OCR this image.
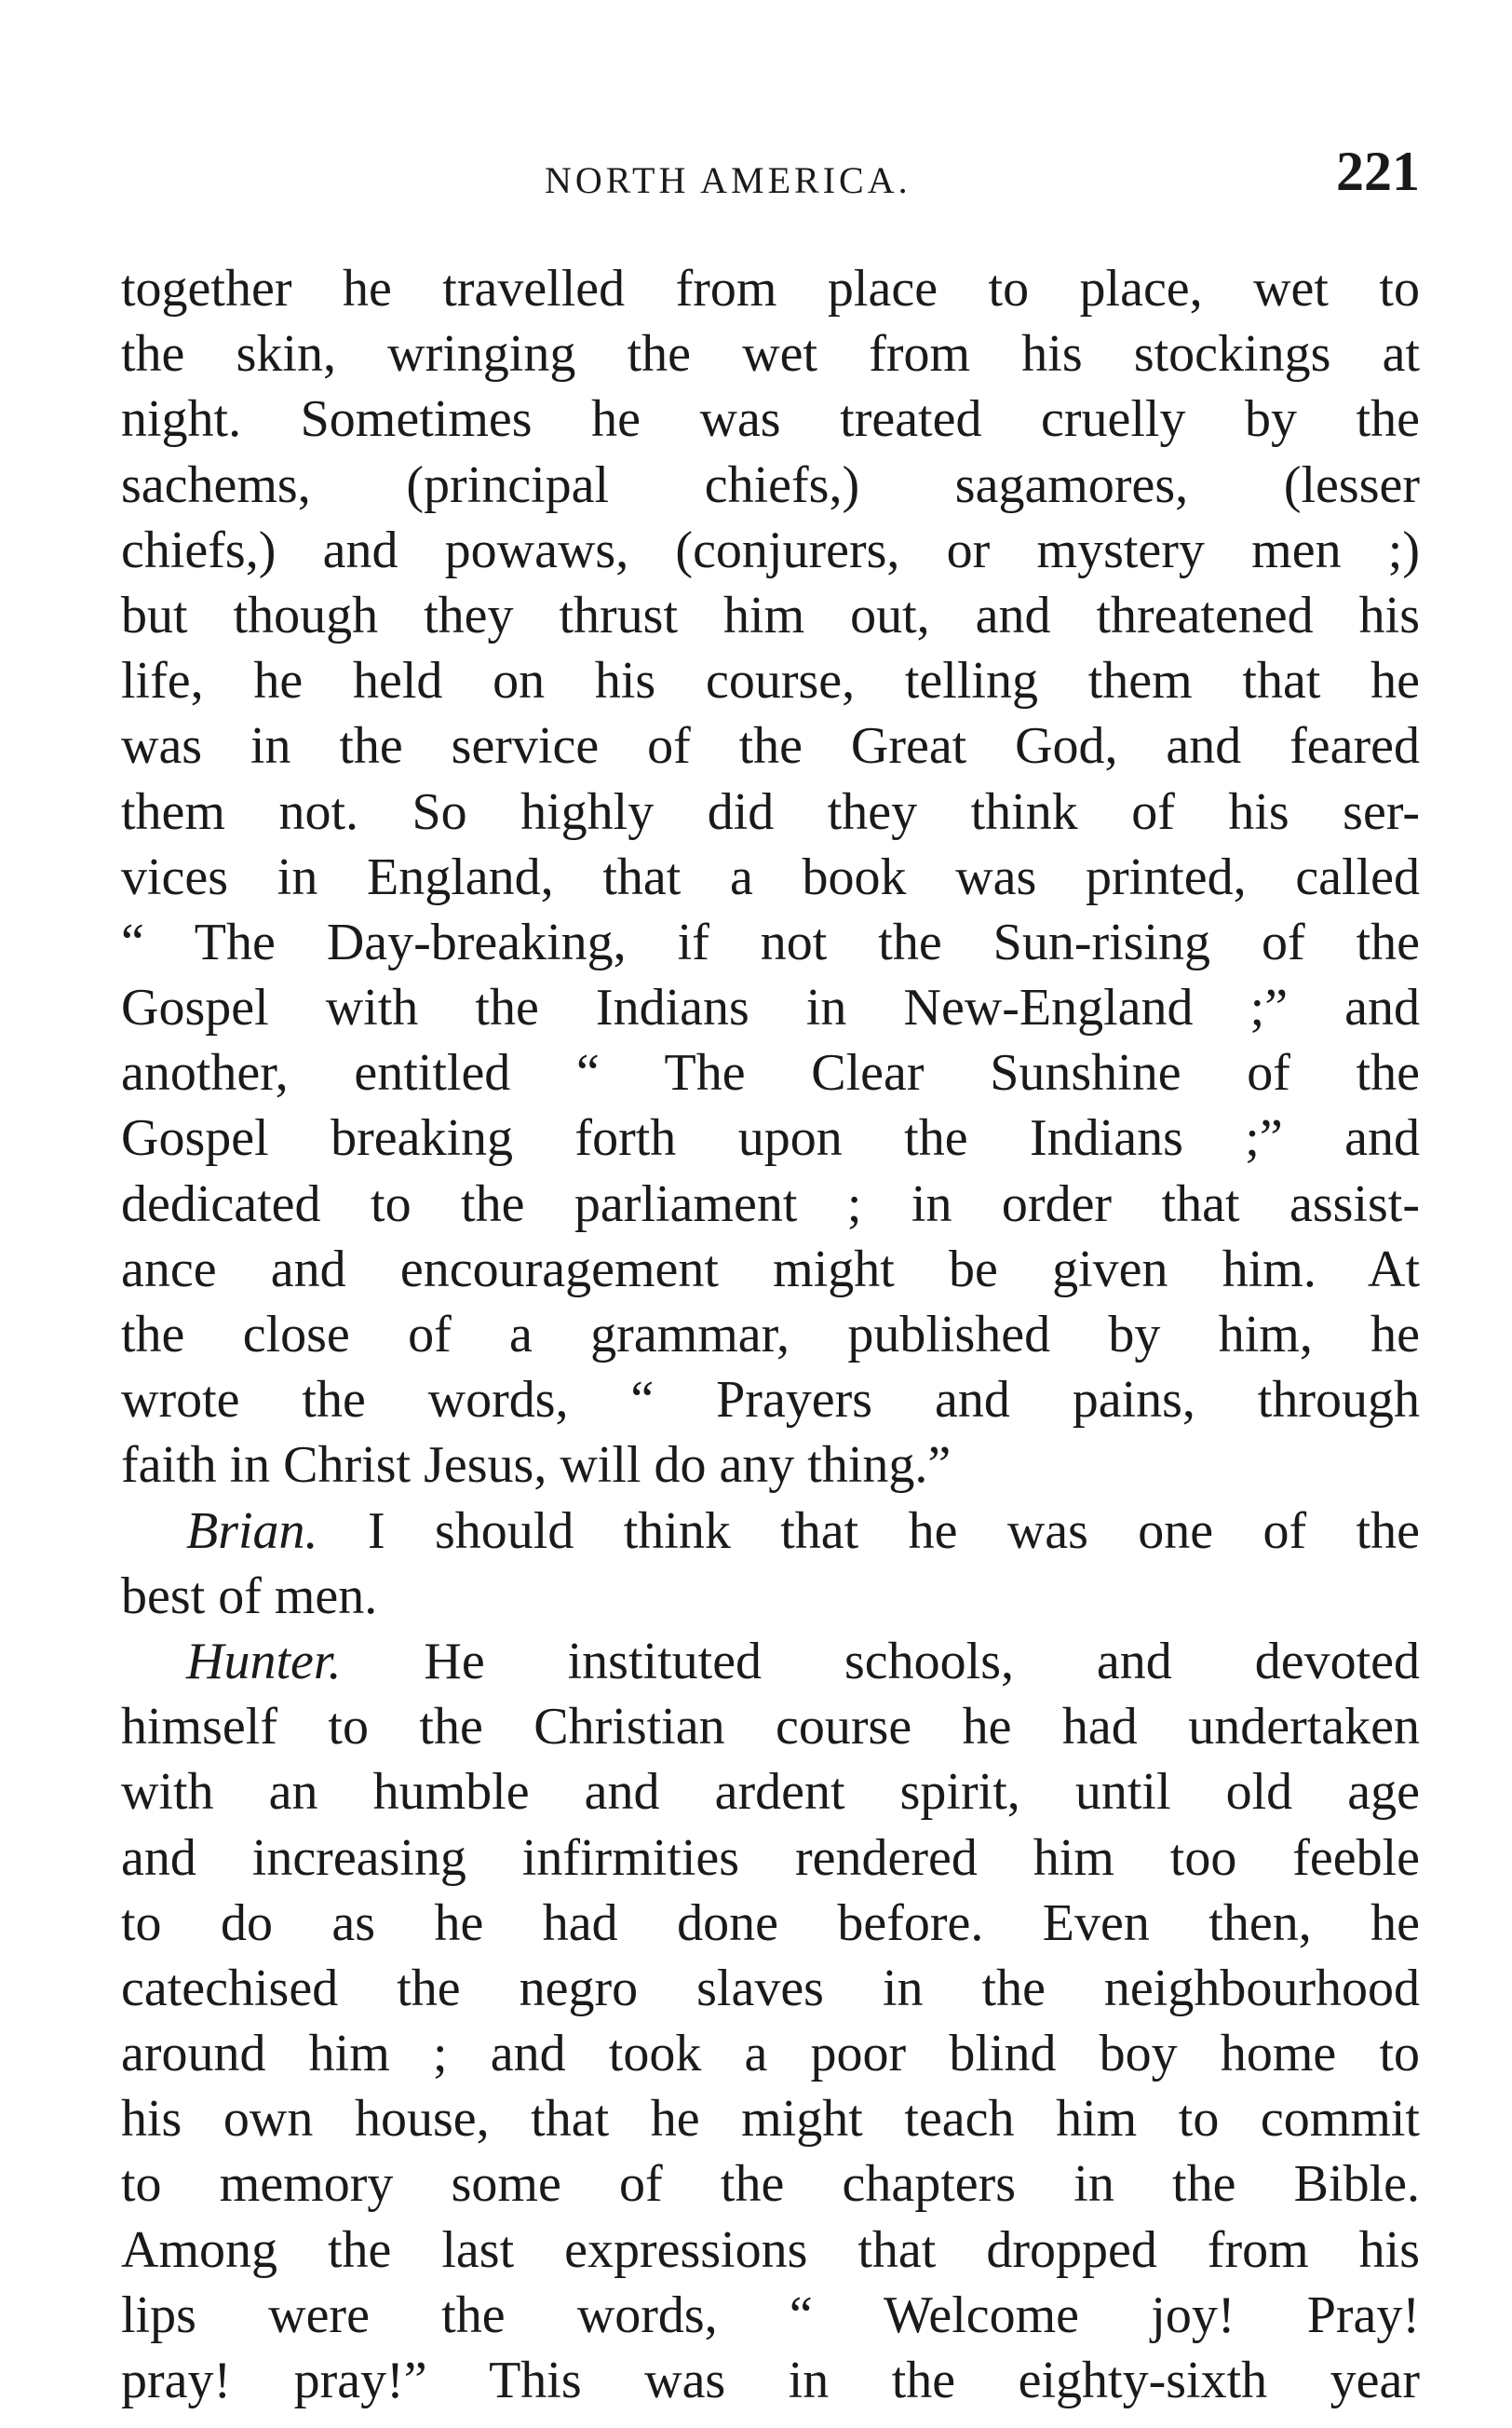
NORTH AMERICA.	221
together he travelled from place to place, wet to
the skin, wringing the wet from his stockings at
night. Sometimes he was treated cruelly by the
sachems, (principal chiefs,) sagamores, (lesser
chiefs,) and powaws, (conjurers, or mystery men ;)
but though they thrust him out, and threatened his
life, he held on his course, telling them that he
was in the service of the Great God, and feared
them not. So highly did they think of his ser-
vices in England, that a book was printed, called
“ The Day-breaking, if not the Sun-rising of the
Gospel with the Indians in New-England ;” and
another, entitled “ The Clear Sunshine of the
Gospel breaking forth upon the Indians ;” and
dedicated to the parliament ; in order that assist-
ance and encouragement might be given him. At
the close of a grammar, published by him, he
wrote the words, “ Prayers and pains, through
faith in Christ Jesus, will do any thing.”
Brian. I should think that he was one of the
best of men.
Hunter. He instituted schools, and devoted
himself to the Christian course he had undertaken
with an humble and ardent spirit, until old age
and increasing infirmities rendered him too feeble
to do as he had done before. Even then, he
catechised the negro slaves in the neighbourhood
around him ; and took a poor blind boy home to
his own house, that he might teach him to commit
to memory some of the chapters in the Bible.
Among the last expressions that dropped from his
lips were the words, “ Welcome joy! Pray!
pray! pray!” This was in the eighty-sixth year
